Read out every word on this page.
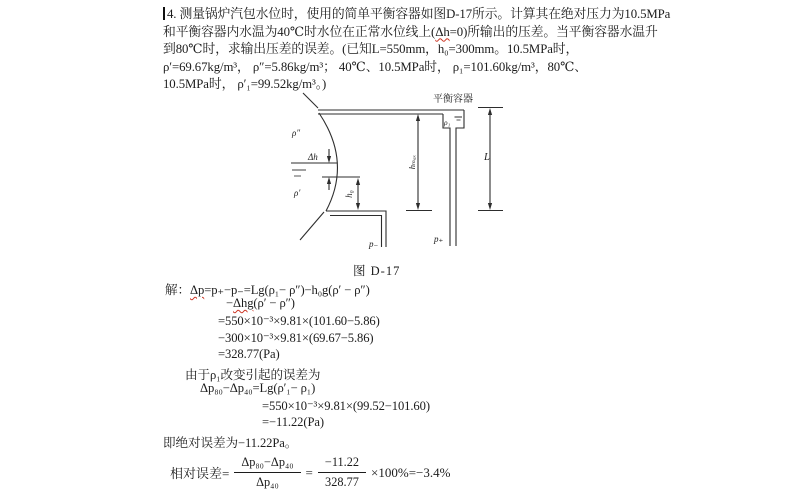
4. 测量锅炉汽包水位时，使用的简单平衡容器如图D-17所示。计算其在绝对压力为10.5MPa
和平衡容器内水温为40℃时水位在正常水位线上(Δh=0)所输出的压差。当平衡容器水温升
到80℃时，求输出压差的误差。(已知L=550mm，h₀=300mm。10.5MPa时，
ρ′=69.67kg/m³， ρ″=5.86kg/m³； 40℃、10.5MPa时， ρ₁=101.60kg/m³，80℃、
10.5MPa时， ρ′₁=99.52kg/m³。)
平衡容器
ρ₁
ρ″
Δh
ρ′	h₀
hₘₐₓ	L
p₋	p₊
图 D-17
解：Δp=p₊−p₋=Lg(ρ₁− ρ″)−h₀g(ρ′ − ρ″)
−Δhg(ρ′ − ρ″)
=550×10⁻³×9.81×(101.60−5.86)
−300×10⁻³×9.81×(69.67−5.86)
=328.77(Pa)
由于ρ₁改变引起的误差为
Δp₈₀−Δp₄₀=Lg(ρ′₁− ρ₁)
=550×10⁻³×9.81×(99.52−101.60)
=−11.22(Pa)
即绝对误差为−11.22Pa。
相对误差= $\frac{\text{Δp₈₀−Δp₄₀}}{\text{Δp₄₀}} = \frac{-11.22}{328.77} \times 100\%=-3.4\%$
